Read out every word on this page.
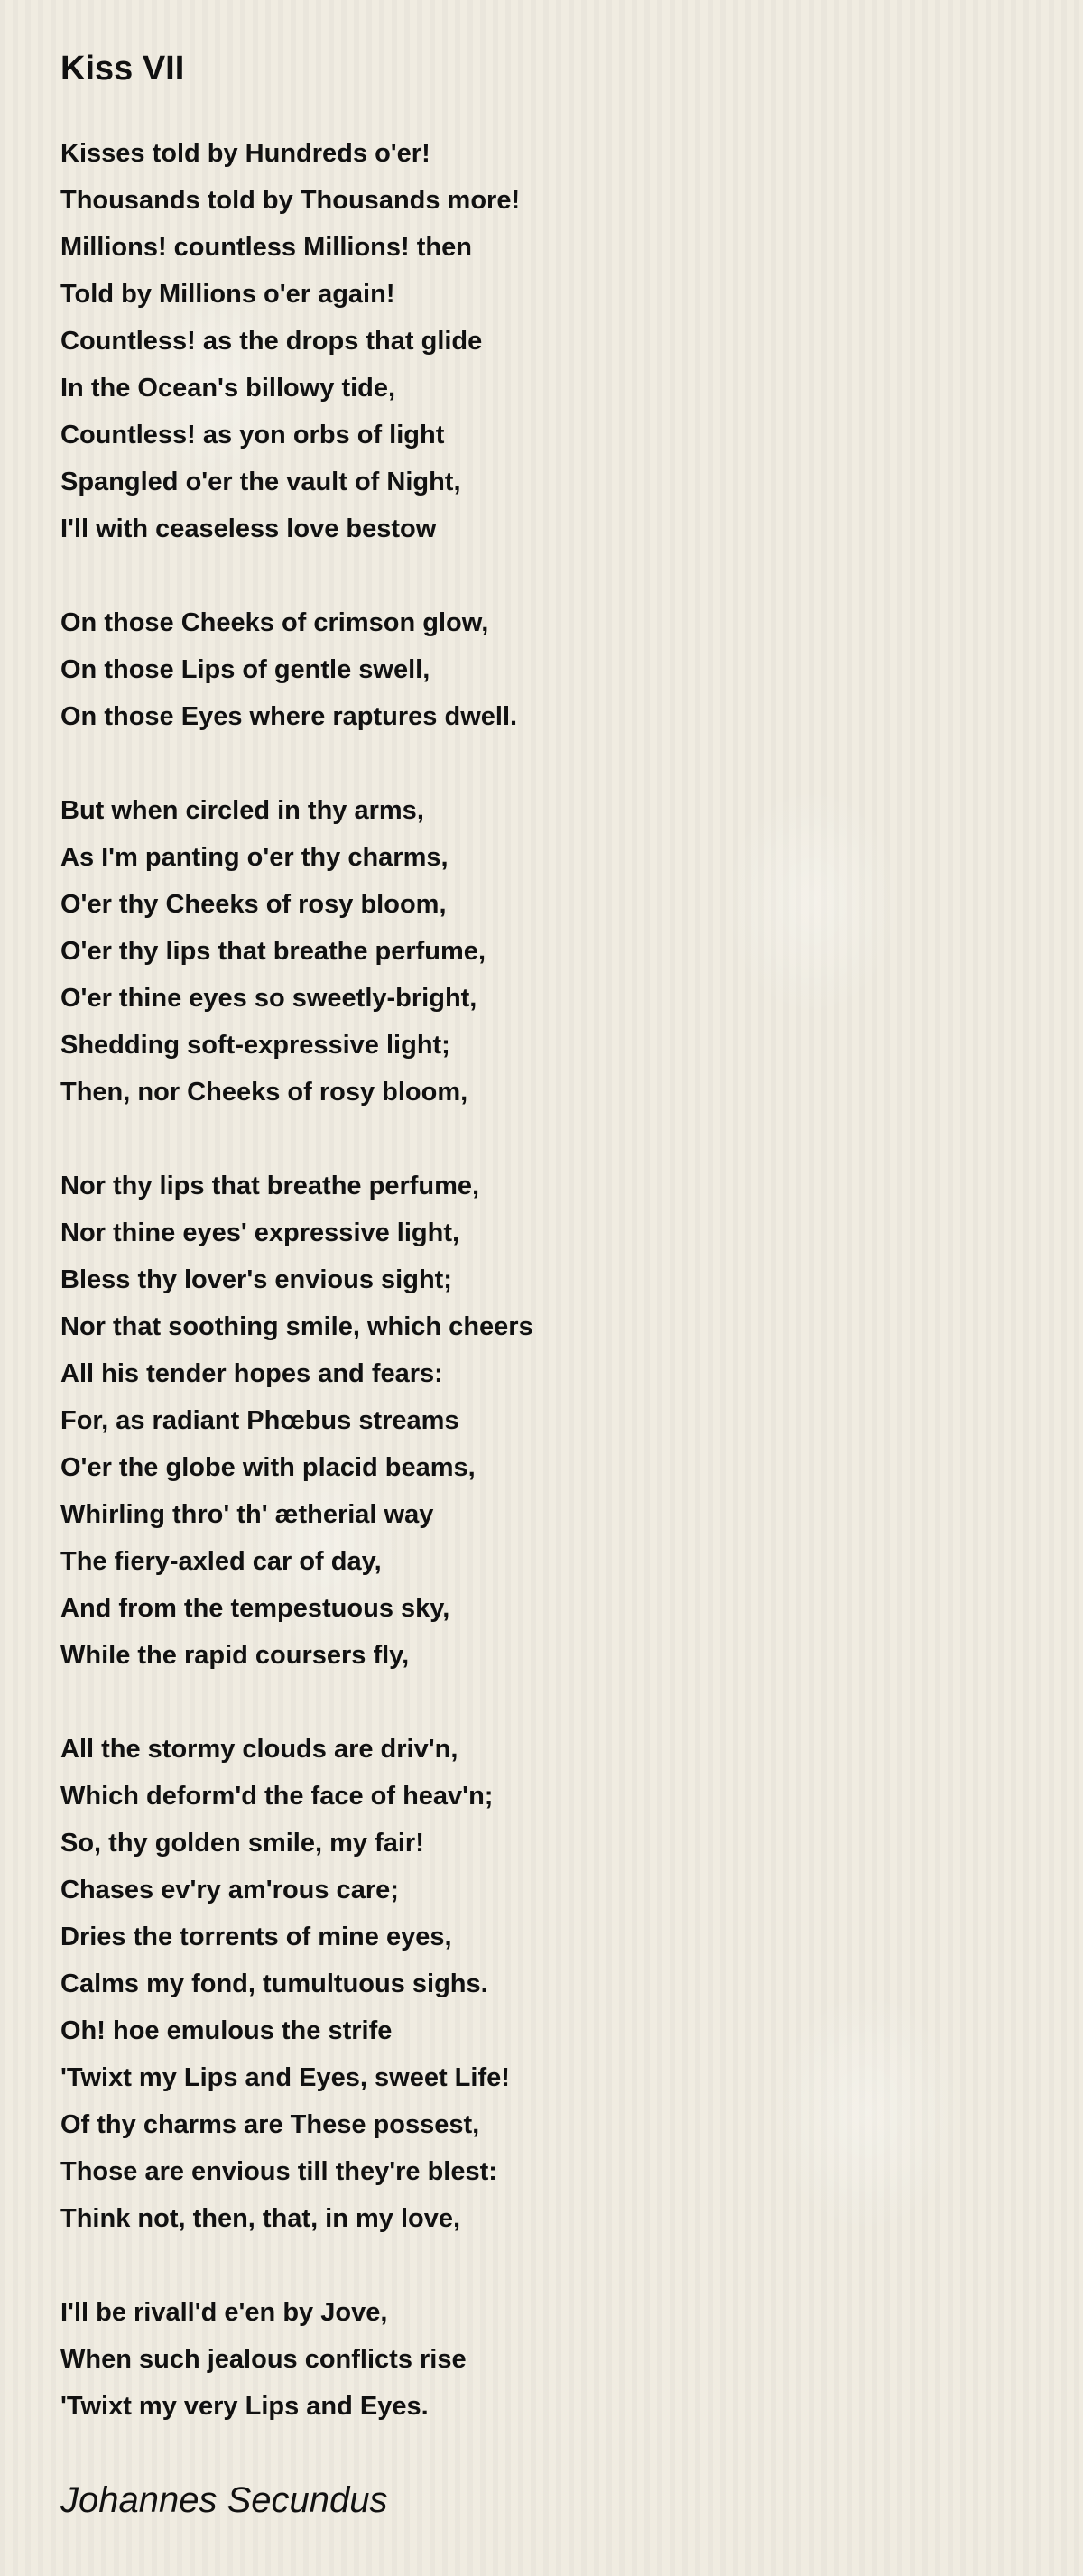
Kiss VII
Kisses told by Hundreds o'er!
Thousands told by Thousands more!
Millions! countless Millions! then
Told by Millions o'er again!
Countless! as the drops that glide
In the Ocean's billowy tide,
Countless! as yon orbs of light
Spangled o'er the vault of Night,
I'll with ceaseless love bestow
On those Cheeks of crimson glow,
On those Lips of gentle swell,
On those Eyes where raptures dwell.
But when circled in thy arms,
As I'm panting o'er thy charms,
O'er thy Cheeks of rosy bloom,
O'er thy lips that breathe perfume,
O'er thine eyes so sweetly-bright,
Shedding soft-expressive light;
Then, nor Cheeks of rosy bloom,
Nor thy lips that breathe perfume,
Nor thine eyes' expressive light,
Bless thy lover's envious sight;
Nor that soothing smile, which cheers
All his tender hopes and fears:
For, as radiant Phœbus streams
O'er the globe with placid beams,
Whirling thro' th' ætherial way
The fiery-axled car of day,
And from the tempestuous sky,
While the rapid coursers fly,
All the stormy clouds are driv'n,
Which deform'd the face of heav'n;
So, thy golden smile, my fair!
Chases ev'ry am'rous care;
Dries the torrents of mine eyes,
Calms my fond, tumultuous sighs.
Oh! hoe emulous the strife
'Twixt my Lips and Eyes, sweet Life!
Of thy charms are These possest,
Those are envious till they're blest:
Think not, then, that, in my love,
I'll be rivall'd e'en by Jove,
When such jealous conflicts rise
'Twixt my very Lips and Eyes.
Johannes Secundus
